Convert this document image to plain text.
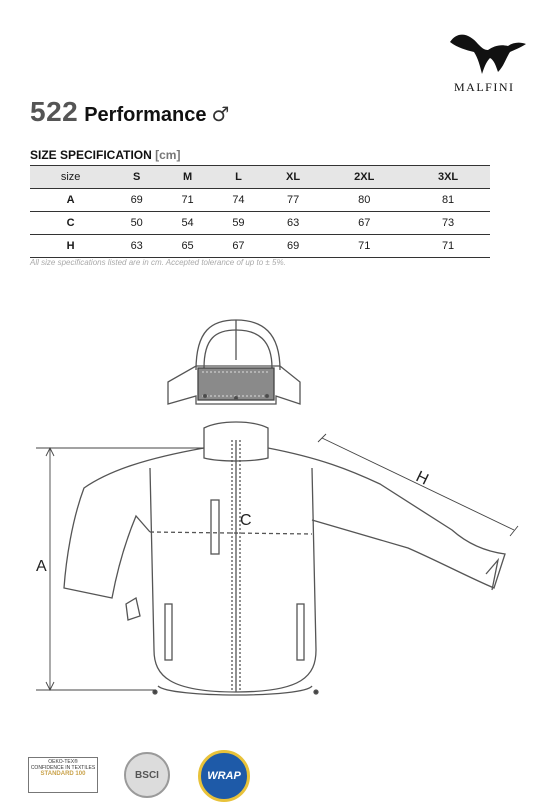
MALFINI
522 Performance ♂
SIZE SPECIFICATION [cm]
size	S	M	L	XL	2XL	3XL
A	69	71	74	77	80	81
C	50	54	59	63	67	73
H	63	65	67	69	71	71
All size specifications listed are in cm. Accepted tolerance of up to ± 5%.
A
C
H
OEKO-TEX®
CONFIDENCE IN TEXTILES
STANDARD 100	BSCI	WRAP
